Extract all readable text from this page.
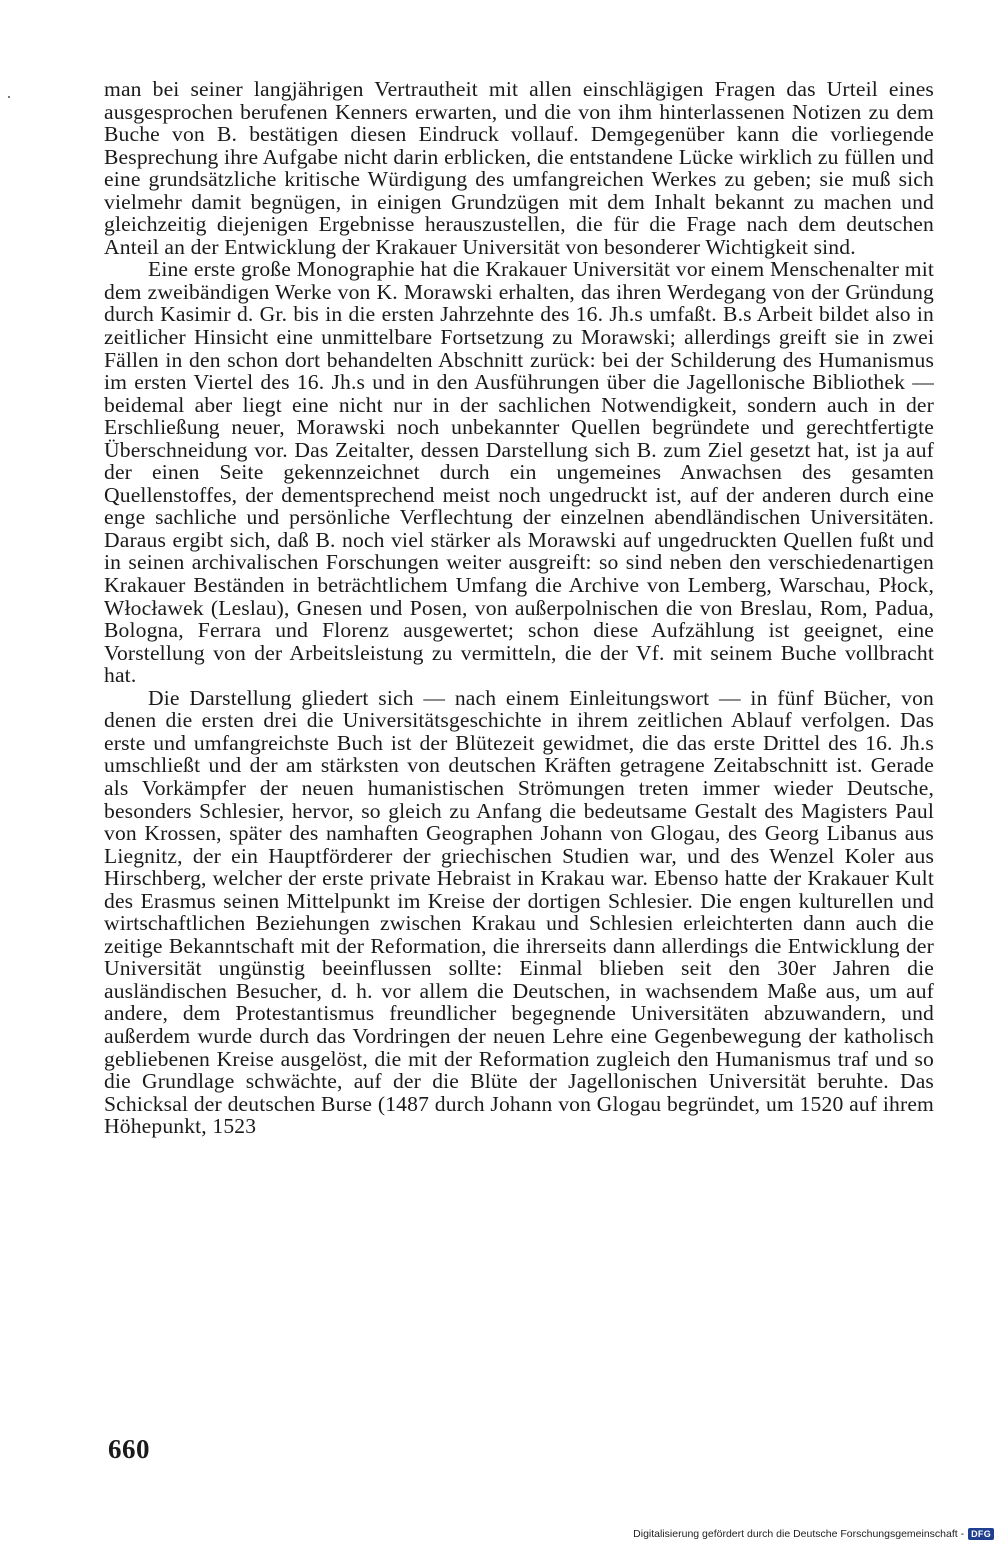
man bei seiner langjährigen Vertrautheit mit allen einschlägigen Fragen das Urteil eines ausgesprochen berufenen Kenners erwarten, und die von ihm hinterlassenen Notizen zu dem Buche von B. bestätigen diesen Eindruck vollauf. Demgegenüber kann die vorliegende Besprechung ihre Aufgabe nicht darin erblicken, die entstandene Lücke wirklich zu füllen und eine grundsätzliche kritische Würdigung des umfangreichen Werkes zu geben; sie muß sich vielmehr damit begnügen, in einigen Grundzügen mit dem Inhalt bekannt zu machen und gleichzeitig diejenigen Ergebnisse herauszustellen, die für die Frage nach dem deutschen Anteil an der Entwicklung der Krakauer Universität von besonderer Wichtigkeit sind.

Eine erste große Monographie hat die Krakauer Universität vor einem Menschenalter mit dem zweibändigen Werke von K. Morawski erhalten, das ihren Werdegang von der Gründung durch Kasimir d. Gr. bis in die ersten Jahrzehnte des 16. Jh.s umfaßt. B.s Arbeit bildet also in zeitlicher Hinsicht eine unmittelbare Fortsetzung zu Morawski; allerdings greift sie in zwei Fällen in den schon dort behandelten Abschnitt zurück: bei der Schilderung des Humanismus im ersten Viertel des 16. Jh.s und in den Ausführungen über die Jagellonische Bibliothek — beidemal aber liegt eine nicht nur in der sachlichen Notwendigkeit, sondern auch in der Erschließung neuer, Morawski noch unbekannter Quellen begründete und gerechtfertigte Überschneidung vor. Das Zeitalter, dessen Darstellung sich B. zum Ziel gesetzt hat, ist ja auf der einen Seite gekennzeichnet durch ein ungemeines Anwachsen des gesamten Quellenstoffes, der dementsprechend meist noch ungedruckt ist, auf der anderen durch eine enge sachliche und persönliche Verflechtung der einzelnen abendländischen Universitäten. Daraus ergibt sich, daß B. noch viel stärker als Morawski auf ungedruckten Quellen fußt und in seinen archivalischen Forschungen weiter ausgreift: so sind neben den verschiedenartigen Krakauer Beständen in beträchtlichem Umfang die Archive von Lemberg, Warschau, Płock, Włocławek (Leslau), Gnesen und Posen, von außerpolnischen die von Breslau, Rom, Padua, Bologna, Ferrara und Florenz ausgewertet; schon diese Aufzählung ist geeignet, eine Vorstellung von der Arbeitsleistung zu vermitteln, die der Vf. mit seinem Buche vollbracht hat.

Die Darstellung gliedert sich — nach einem Einleitungswort — in fünf Bücher, von denen die ersten drei die Universitätsgeschichte in ihrem zeitlichen Ablauf verfolgen. Das erste und umfangreichste Buch ist der Blütezeit gewidmet, die das erste Drittel des 16. Jh.s umschließt und der am stärksten von deutschen Kräften getragene Zeitabschnitt ist. Gerade als Vorkämpfer der neuen humanistischen Strömungen treten immer wieder Deutsche, besonders Schlesier, hervor, so gleich zu Anfang die bedeutsame Gestalt des Magisters Paul von Krossen, später des namhaften Geographen Johann von Glogau, des Georg Libanus aus Liegnitz, der ein Hauptförderer der griechischen Studien war, und des Wenzel Koler aus Hirschberg, welcher der erste private Hebraist in Krakau war. Ebenso hatte der Krakauer Kult des Erasmus seinen Mittelpunkt im Kreise der dortigen Schlesier. Die engen kulturellen und wirtschaftlichen Beziehungen zwischen Krakau und Schlesien erleichterten dann auch die zeitige Bekanntschaft mit der Reformation, die ihrerseits dann allerdings die Entwicklung der Universität ungünstig beeinflussen sollte: Einmal blieben seit den 30er Jahren die ausländischen Besucher, d. h. vor allem die Deutschen, in wachsendem Maße aus, um auf andere, dem Protestantismus freundlicher begegnende Universitäten abzuwandern, und außerdem wurde durch das Vordringen der neuen Lehre eine Gegenbewegung der katholisch gebliebenen Kreise ausgelöst, die mit der Reformation zugleich den Humanismus traf und so die Grundlage schwächte, auf der die Blüte der Jagellonischen Universität beruhte. Das Schicksal der deutschen Burse (1487 durch Johann von Glogau begründet, um 1520 auf ihrem Höhepunkt, 1523

660
Digitalisierung gefördert durch die Deutsche Forschungsgemeinschaft - DFG
